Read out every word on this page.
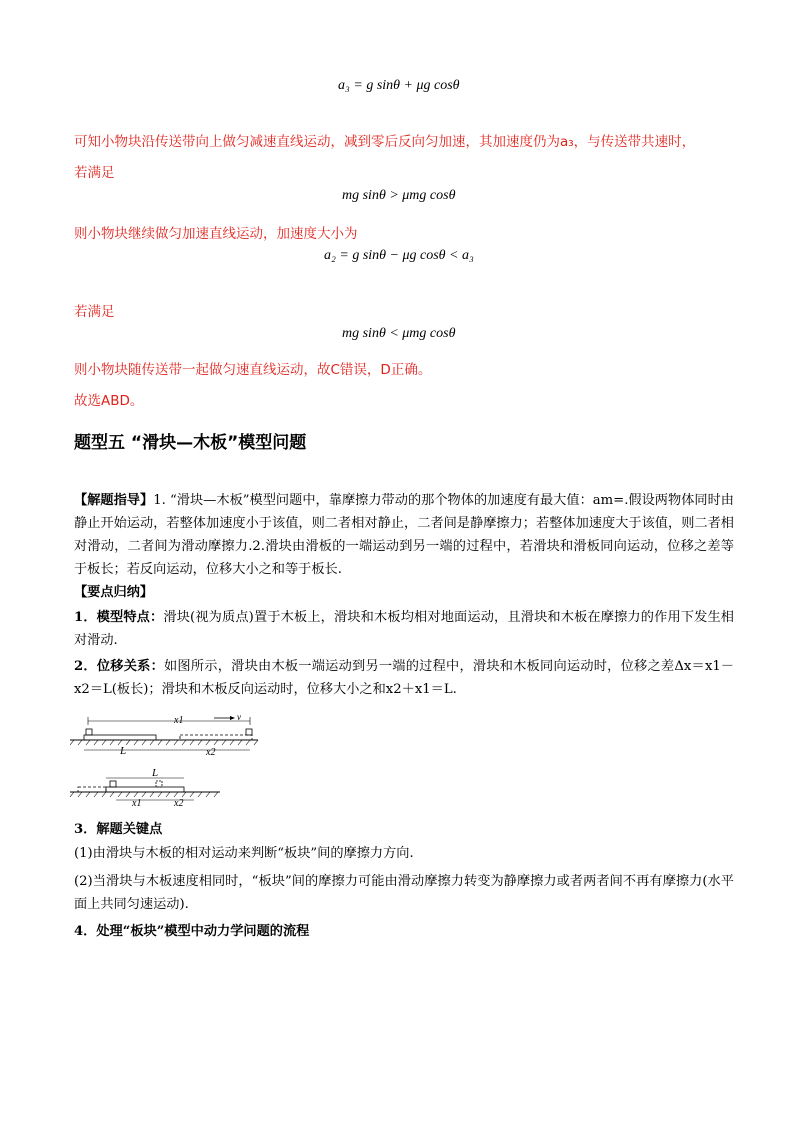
a₃ = g sinθ + μg cosθ
可知小物块沿传送带向上做匀减速直线运动，减到零后反向匀加速，其加速度仍为a₃，与传送带共速时，
若满足
mg sinθ > μmg cosθ
则小物块继续做匀加速直线运动，加速度大小为
a₂ = g sinθ − μg cosθ < a₃
若满足
mg sinθ < μmg cosθ
则小物块随传送带一起做匀速直线运动，故C错误，D正确。
故选ABD。
题型五 “滑块—木板”模型问题
【解题指导】1. “滑块—木板”模型问题中，靠摩擦力带动的那个物体的加速度有最大值：am=.假设两物体同时由静止开始运动，若整体加速度小于该值，则二者相对静止，二者间是静摩擦力；若整体加速度大于该值，则二者相对滑动，二者间为滑动摩擦力.2.滑块由滑板的一端运动到另一端的过程中，若滑块和滑板同向运动，位移之差等于板长；若反向运动，位移大小之和等于板长.
【要点归纳】
1．模型特点：滑块(视为质点)置于木板上，滑块和木板均相对地面运动，且滑块和木板在摩擦力的作用下发生相对滑动.
2．位移关系：如图所示，滑块由木板一端运动到另一端的过程中，滑块和木板同向运动时，位移之差Δx＝x1－x2＝L(板长)；滑块和木板反向运动时，位移大小之和x2＋x1＝L.
x1	v
L	x2
L
x1	x2
3．解题关键点
(1)由滑块与木板的相对运动来判断“板块”间的摩擦力方向.
(2)当滑块与木板速度相同时，“板块”间的摩擦力可能由滑动摩擦力转变为静摩擦力或者两者间不再有摩擦力(水平面上共同匀速运动).
4．处理“板块”模型中动力学问题的流程
